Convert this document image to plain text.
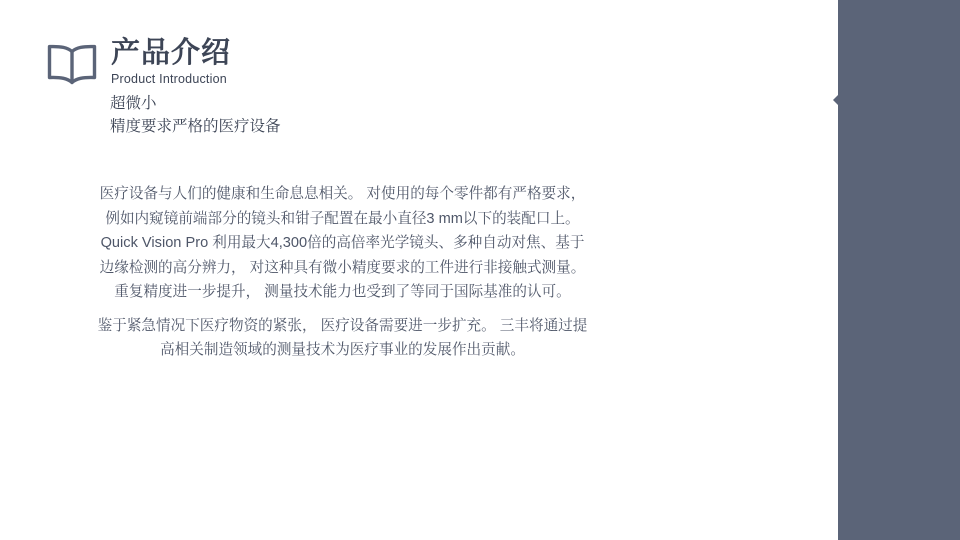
产品介绍
Product Introduction
超微小
精度要求严格的医疗设备

医疗设备与人们的健康和生命息息相关。 对使用的每个零件都有严格要求， 例如内窥镜前端部分的镜头和钳子配置在最小直径3 mm以下的装配口上。 Quick Vision Pro 利用最大4,300倍的高倍率光学镜头、多种自动对焦、基于边缘检测的高分辨力， 对这种具有微小精度要求的工件进行非接触式测量。 重复精度进一步提升， 测量技术能力也受到了等同于国际基准的认可。

鉴于紧急情况下医疗物资的紧张， 医疗设备需要进一步扩充。 三丰将通过提高相关制造领域的测量技术为医疗事业的发展作出贡献。
